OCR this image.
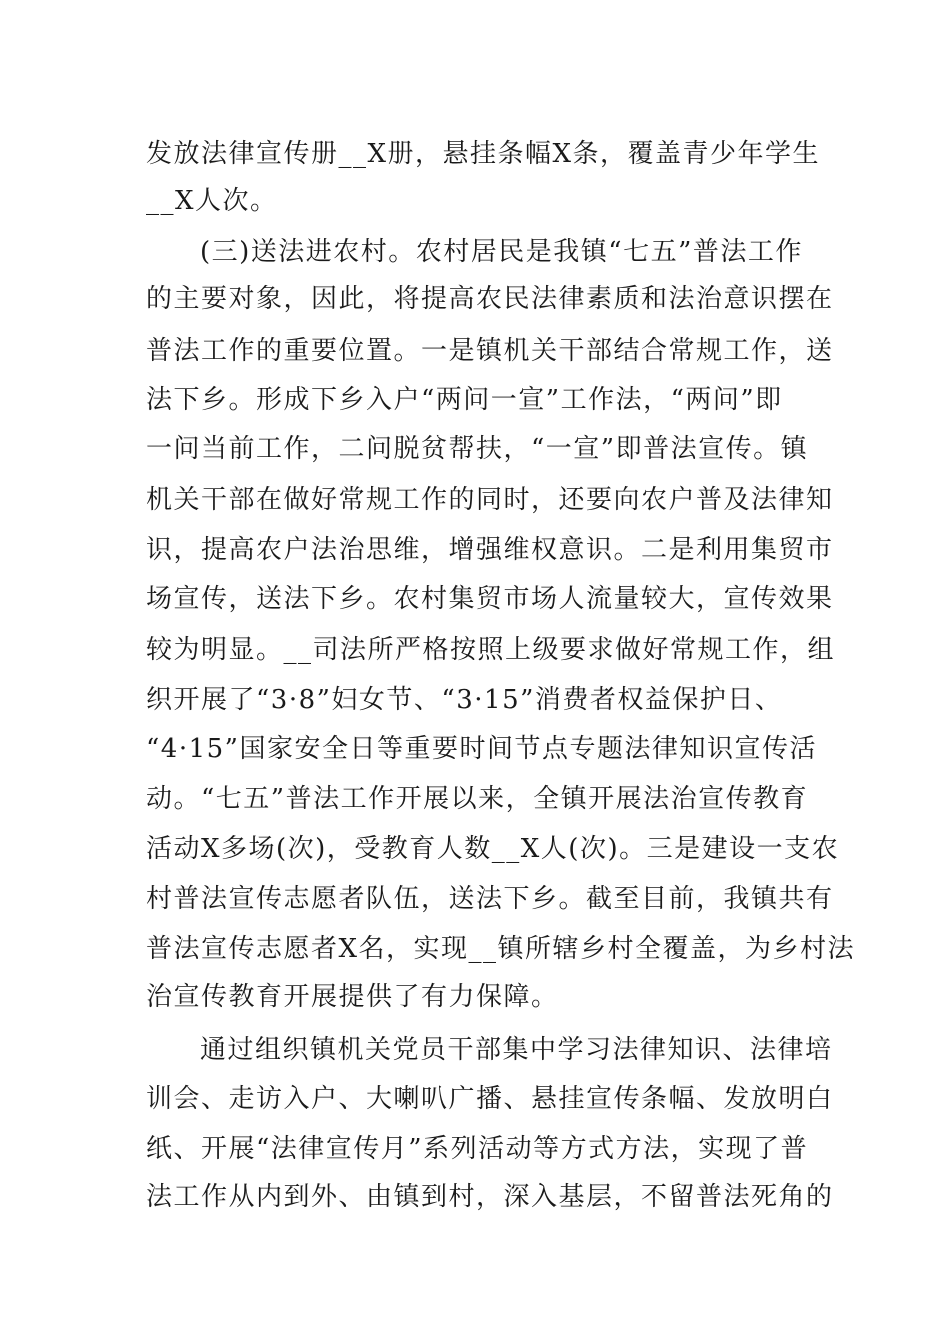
发放法律宣传册__X册，悬挂条幅X条，覆盖青少年学生
__X人次。
(三)送法进农村。农村居民是我镇“七五”普法工作
的主要对象，因此，将提高农民法律素质和法治意识摆在
普法工作的重要位置。一是镇机关干部结合常规工作，送
法下乡。形成下乡入户“两问一宣”工作法，“两问”即
一问当前工作，二问脱贫帮扶，“一宣”即普法宣传。镇
机关干部在做好常规工作的同时，还要向农户普及法律知
识，提高农户法治思维，增强维权意识。二是利用集贸市
场宣传，送法下乡。农村集贸市场人流量较大，宣传效果
较为明显。__司法所严格按照上级要求做好常规工作，组
织开展了“3·8”妇女节、“3·15”消费者权益保护日、
“4·15”国家安全日等重要时间节点专题法律知识宣传活
动。“七五”普法工作开展以来，全镇开展法治宣传教育
活动X多场(次)，受教育人数__X人(次)。三是建设一支农
村普法宣传志愿者队伍，送法下乡。截至目前，我镇共有
普法宣传志愿者X名，实现__镇所辖乡村全覆盖，为乡村法
治宣传教育开展提供了有力保障。
通过组织镇机关党员干部集中学习法律知识、法律培
训会、走访入户、大喇叭广播、悬挂宣传条幅、发放明白
纸、开展“法律宣传月”系列活动等方式方法，实现了普
法工作从内到外、由镇到村，深入基层，不留普法死角的
